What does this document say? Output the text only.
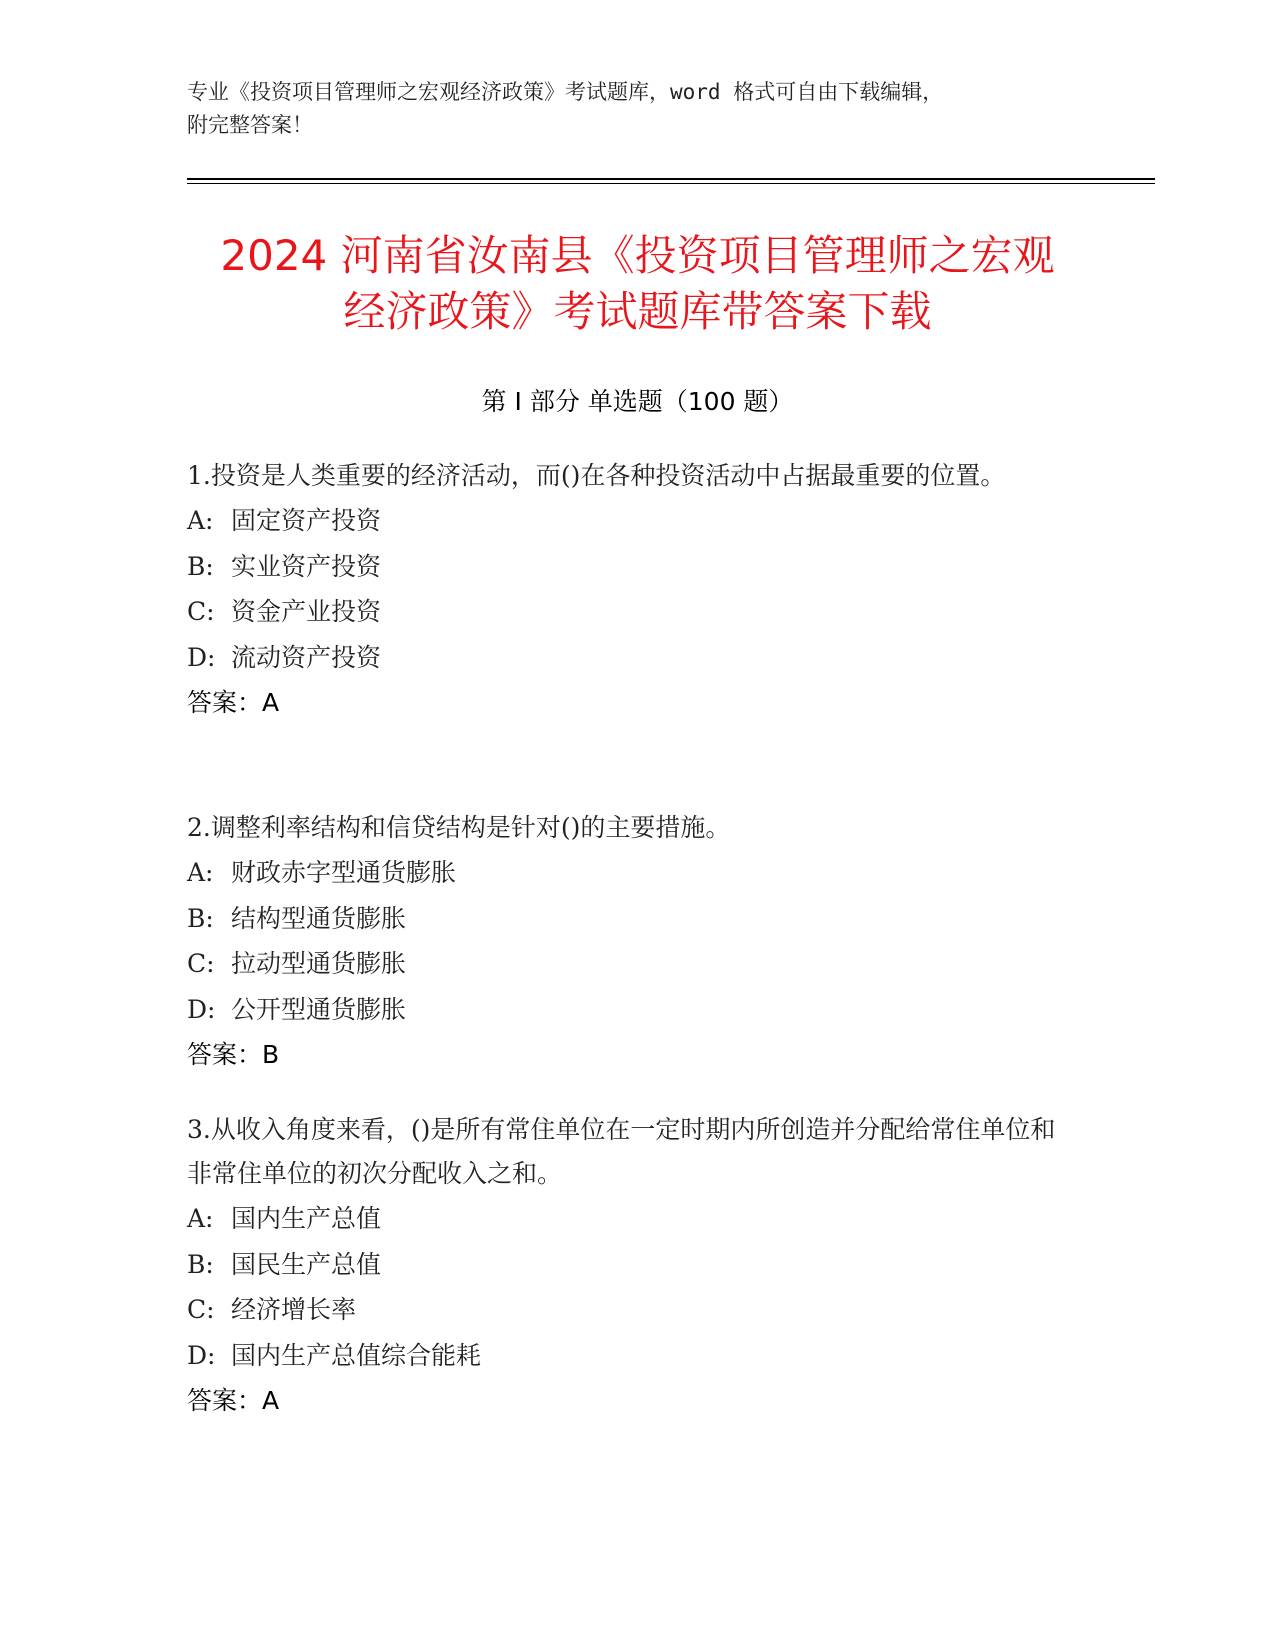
专业《投资项目管理师之宏观经济政策》考试题库，word 格式可自由下载编辑，
附完整答案！
2024 河南省汝南县《投资项目管理师之宏观
经济政策》考试题库带答案下载
第 I 部分 单选题（100 题）

1.投资是人类重要的经济活动，而()在各种投资活动中占据最重要的位置。

A: 固定资产投资

B: 实业资产投资

C: 资金产业投资

D: 流动资产投资

答案：A

2.调整利率结构和信贷结构是针对()的主要措施。

A: 财政赤字型通货膨胀

B: 结构型通货膨胀

C: 拉动型通货膨胀

D: 公开型通货膨胀

答案：B

3.从收入角度来看，()是所有常住单位在一定时期内所创造并分配给常住单位和非常住单位的初次分配收入之和。

A: 国内生产总值

B: 国民生产总值

C: 经济增长率

D: 国内生产总值综合能耗

答案：A
